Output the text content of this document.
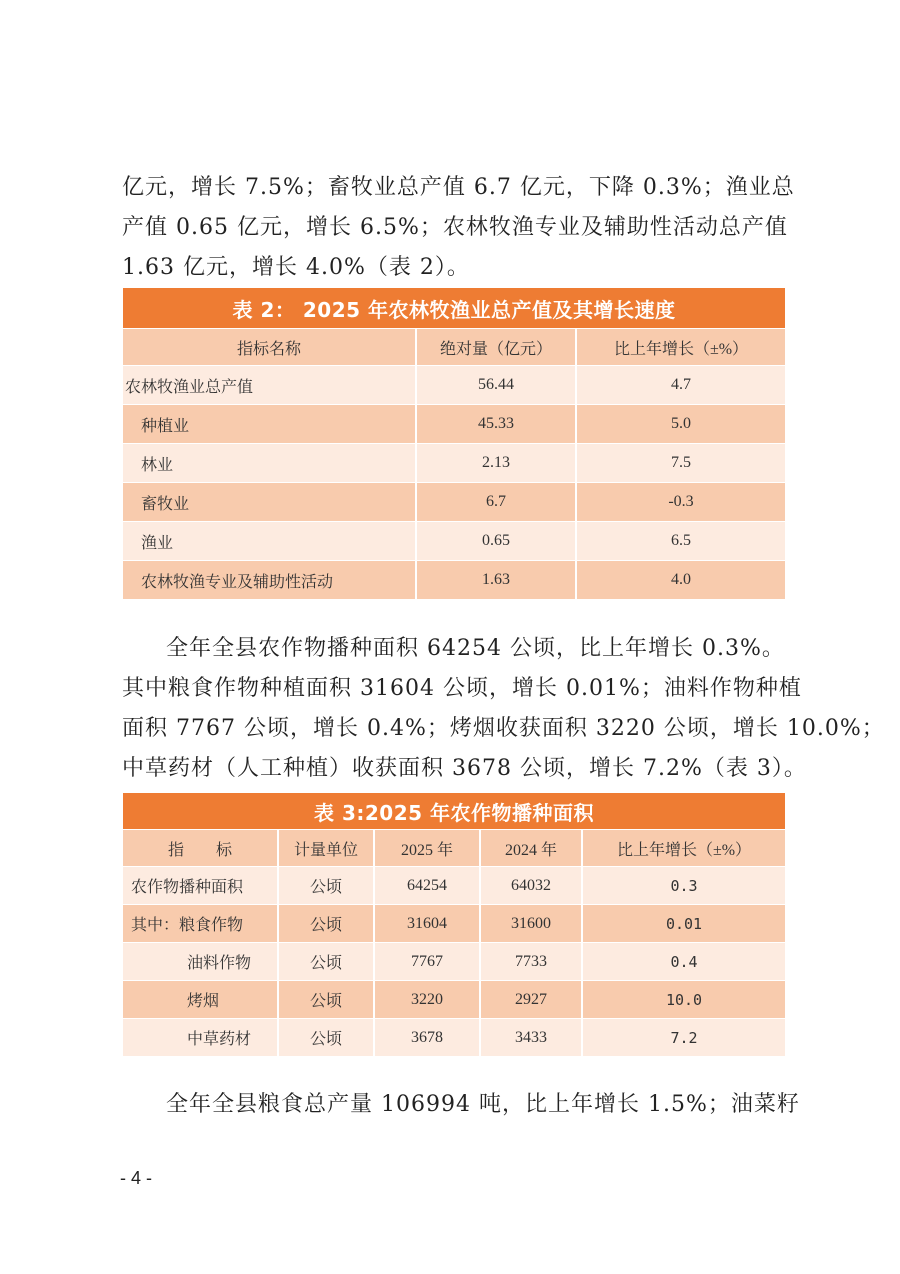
亿元，增长 7.5%；畜牧业总产值 6.7 亿元，下降 0.3%；渔业总
产值 0.65 亿元，增长 6.5%；农林牧渔专业及辅助性活动总产值
1.63 亿元，增长 4.0%（表 2）。
表 2： 2025 年农林牧渔业总产值及其增长速度		
指标名称	绝对量（亿元）	比上年增长（±%）
农林牧渔业总产值	56.44	4.7
种植业	45.33	5.0
林业	2.13	7.5
畜牧业	6.7	-0.3
渔业	0.65	6.5
农林牧渔专业及辅助性活动	1.63	4.0
全年全县农作物播种面积 64254 公顷，比上年增长 0.3%。
其中粮食作物种植面积 31604 公顷，增长 0.01%；油料作物种植
面积 7767 公顷，增长 0.4%；烤烟收获面积 3220 公顷，增长 10.0%；
中草药材（人工种植）收获面积 3678 公顷，增长 7.2%（表 3）。
表 3:2025 年农作物播种面积				
指　　标	计量单位	2025 年	2024 年	比上年增长（±%）
农作物播种面积	公顷	64254	64032	0.3
其中：粮食作物	公顷	31604	31600	0.01
油料作物	公顷	7767	7733	0.4
烤烟	公顷	3220	2927	10.0
中草药材	公顷	3678	3433	7.2
全年全县粮食总产量 106994 吨，比上年增长 1.5%；油菜籽
- 4 -
